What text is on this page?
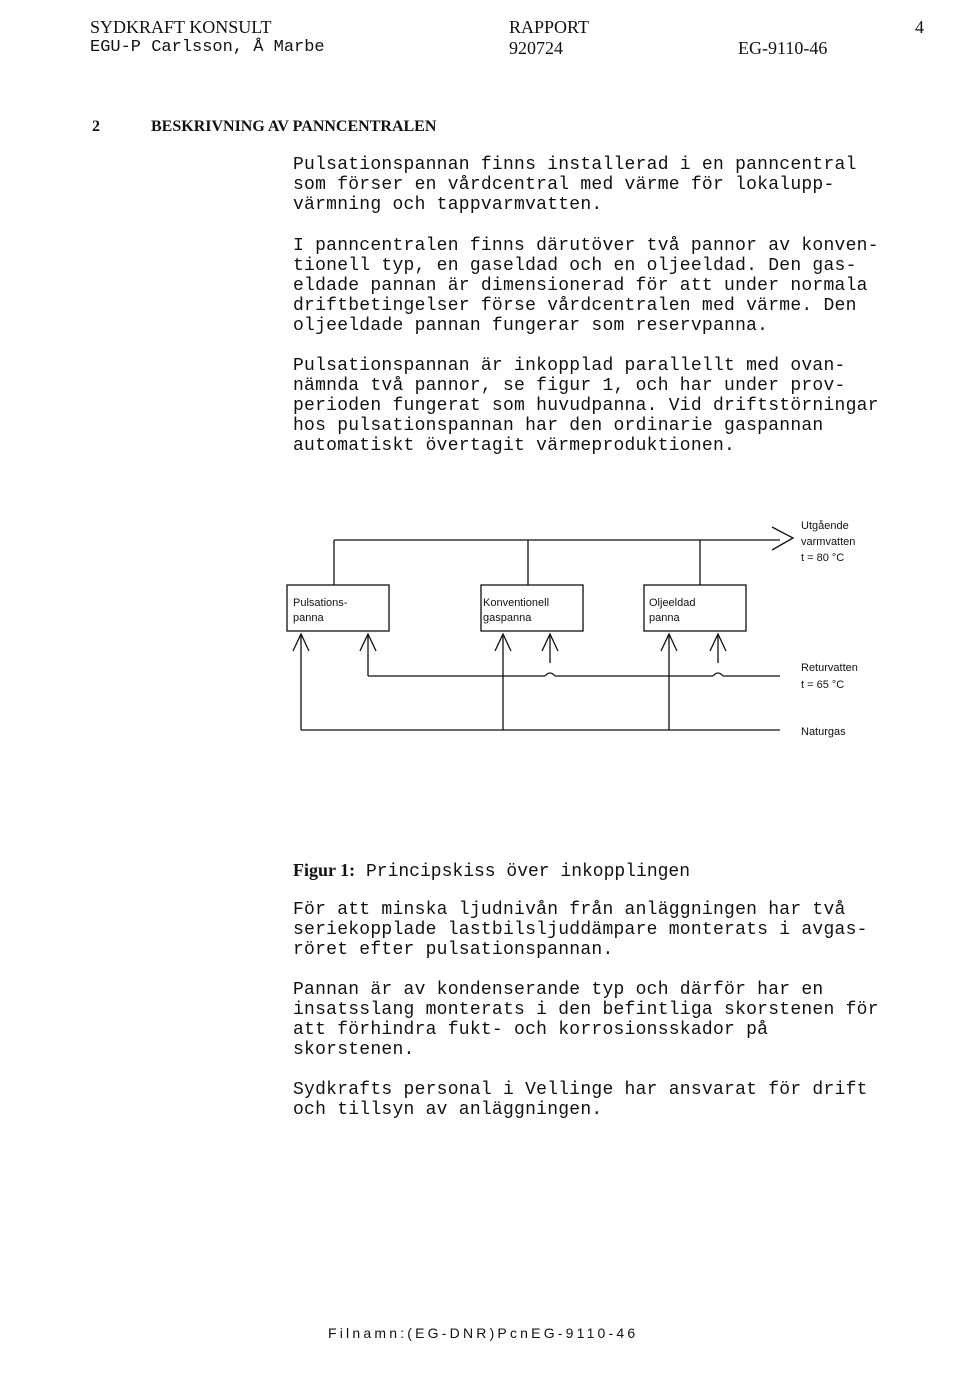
SYDKRAFT KONSULT
EGU-P Carlsson, Å Marbe
RAPPORT
920724	EG-9110-46
4
2	BESKRIVNING AV PANNCENTRALEN
Pulsationspannan finns installerad i en panncentral
som förser en vårdcentral med värme för lokalupp-
värmning och tappvarmvatten.
I panncentralen finns därutöver två pannor av konven-
tionell typ, en gaseldad och en oljeeldad. Den gas-
eldade pannan är dimensionerad för att under normala
driftbetingelser förse vårdcentralen med värme. Den
oljeeldade pannan fungerar som reservpanna.
Pulsationspannan är inkopplad parallellt med ovan-
nämnda två pannor, se figur 1, och har under prov-
perioden fungerat som huvudpanna. Vid driftstörningar
hos pulsationspannan har den ordinarie gaspannan
automatiskt övertagit värmeproduktionen.
Pulsations-
panna
Konventionell
gaspanna
Oljeeldad
panna
Utgående
varmvatten
t = 80 °C
Returvatten
t = 65 °C
Naturgas
Figur 1: Principskiss över inkopplingen
För att minska ljudnivån från anläggningen har två
seriekopplade lastbilsljuddämpare monterats i avgas-
röret efter pulsationspannan.
Pannan är av kondenserande typ och därför har en
insatsslang monterats i den befintliga skorstenen för
att förhindra fukt- och korrosionsskador på
skorstenen.
Sydkrafts personal i Vellinge har ansvarat för drift
och tillsyn av anläggningen.
Filnamn:(EG-DNR)PcnEG-9110-46
